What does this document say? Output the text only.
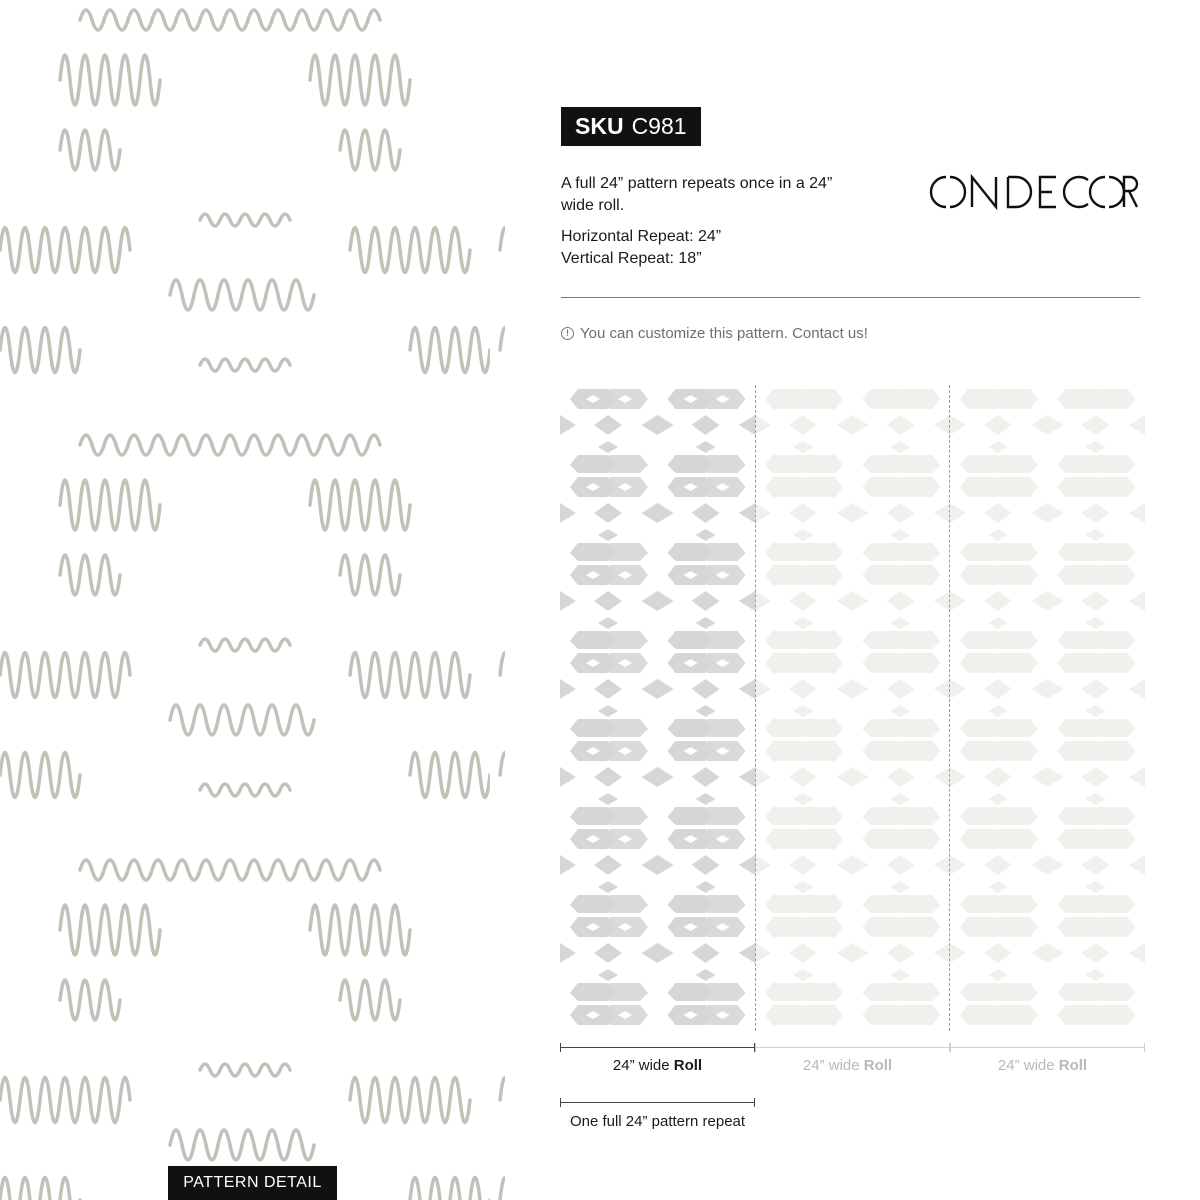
PATTERN DETAIL
SKU C981
A full 24” pattern repeats once in a 24” wide roll.
Horizontal Repeat: 24”
Vertical Repeat: 18”
! You can customize this pattern. Contact us!
24” wide Roll	24” wide Roll	24” wide Roll
One full 24” pattern repeat
